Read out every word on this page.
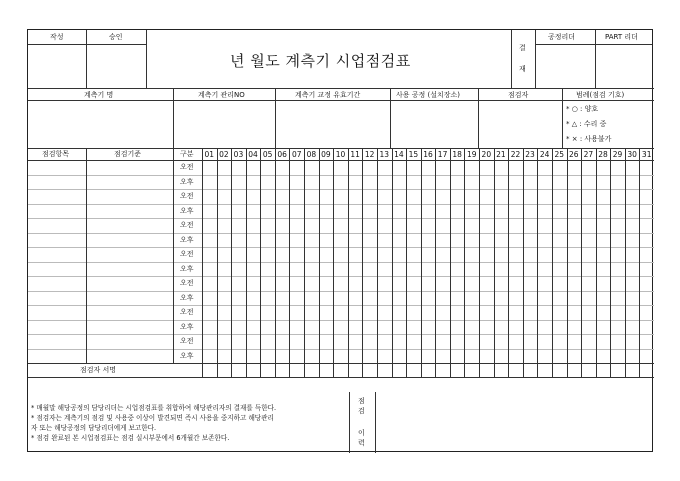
작성	승인
년 월도 계측기 시업점검표
결
재
공정리더	PART 리더
계측기 명	계측기 관리NO	계측기 교정 유효기간	사용 공정 (설치장소)	점검자	범례(점검 기호)
* ○ : 양호
* △ : 수리 중
* × : 사용불가
점검항목	점검기준	구분	01 02 03 04 05 06 07 08 09 10 11 12 13 14 15 16 17 18 19 20 21 22 23 24 25 26 27 28 29 30 31
오전
오후
오전
오후
오전
오후
오전
오후
오전
오후
오전
오후
오전
오후
점검자 서명
* 매월말 해당공정의 담당리더는 시업점검표를 취합하여 해당관리자의 결재를 득한다.
* 점검자는 계측기의 점검 및 사용중 이상이 발견되면 즉시 사용을 중지하고 해당관리
자 또는 해당공정의 담당리더에게 보고한다.
* 점검 완료된 본 시업점검표는 점검 실시부문에서 6개월간 보존한다.
점
검
이
력
